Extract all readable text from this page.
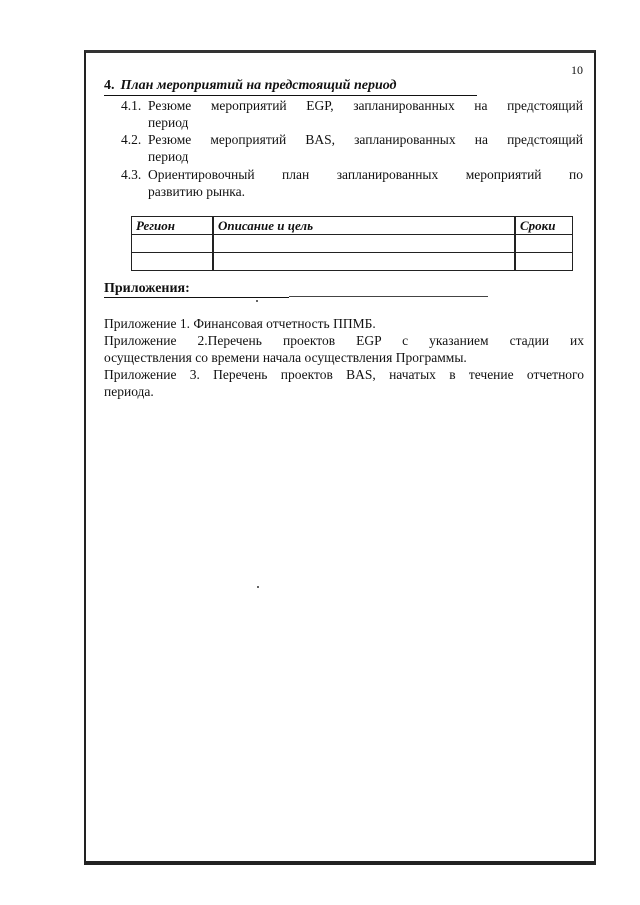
10
4. План мероприятий на предстоящий период
4.1. Резюме мероприятий EGP, запланированных на предстоящий
период
4.2. Резюме мероприятий BAS, запланированных на предстоящий
период
4.3. Ориентировочный план запланированных мероприятий по
развитию рынка.
Регион	Описание и цель	Сроки

Приложения:
Приложение 1. Финансовая отчетность ППМБ.
Приложение 2.Перечень проектов EGP с указанием стадии их
осуществления со времени начала осуществления Программы.
Приложение 3. Перечень проектов BAS, начатых в течение отчетного
периода.
